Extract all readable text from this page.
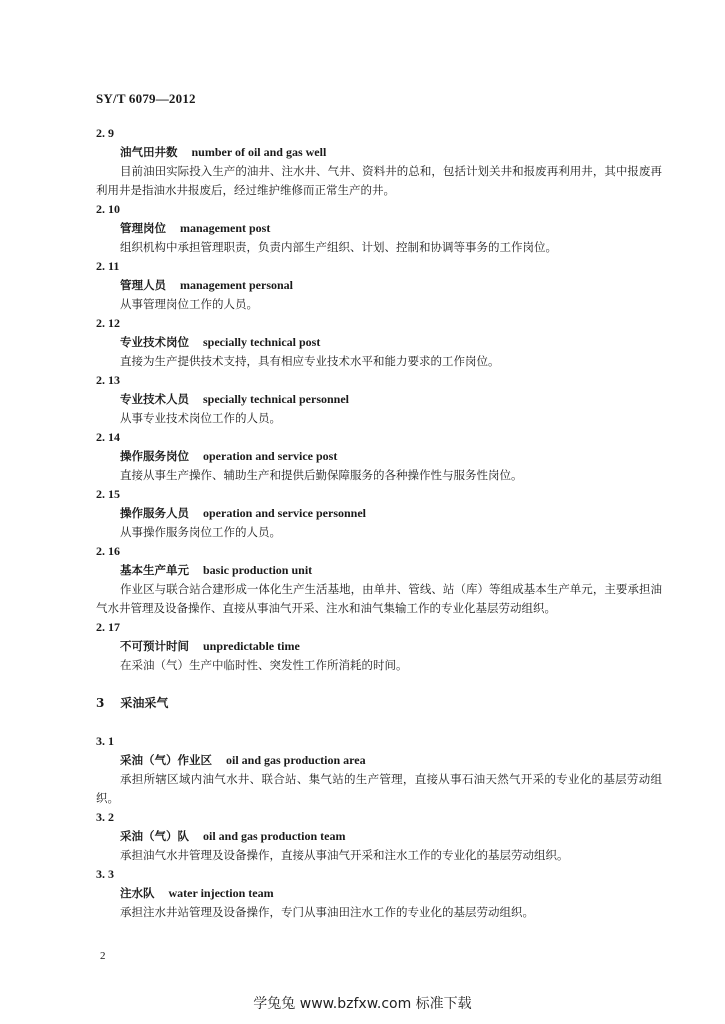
SY/T 6079—2012
2. 9
油气田井数 number of oil and gas well
目前油田实际投入生产的油井、注水井、气井、资料井的总和，包括计划关井和报废再利用井，其中报废再利用井是指油水井报废后，经过维护维修而正常生产的井。
2. 10
管理岗位 management post
组织机构中承担管理职责，负责内部生产组织、计划、控制和协调等事务的工作岗位。
2. 11
管理人员 management personal
从事管理岗位工作的人员。
2. 12
专业技术岗位 specially technical post
直接为生产提供技术支持，具有相应专业技术水平和能力要求的工作岗位。
2. 13
专业技术人员 specially technical personnel
从事专业技术岗位工作的人员。
2. 14
操作服务岗位 operation and service post
直接从事生产操作、辅助生产和提供后勤保障服务的各种操作性与服务性岗位。
2. 15
操作服务人员 operation and service personnel
从事操作服务岗位工作的人员。
2. 16
基本生产单元 basic production unit
作业区与联合站合建形成一体化生产生活基地，由单井、管线、站（库）等组成基本生产单元，主要承担油气水井管理及设备操作、直接从事油气开采、注水和油气集输工作的专业化基层劳动组织。
2. 17
不可预计时间 unpredictable time
在采油（气）生产中临时性、突发性工作所消耗的时间。
3 采油采气
3. 1
采油（气）作业区 oil and gas production area
承担所辖区域内油气水井、联合站、集气站的生产管理，直接从事石油天然气开采的专业化的基层劳动组织。
3. 2
采油（气）队 oil and gas production team
承担油气水井管理及设备操作，直接从事油气开采和注水工作的专业化的基层劳动组织。
3. 3
注水队 water injection team
承担注水井站管理及设备操作，专门从事油田注水工作的专业化的基层劳动组织。
2
学兔兔 www.bzfxw.com 标准下载
